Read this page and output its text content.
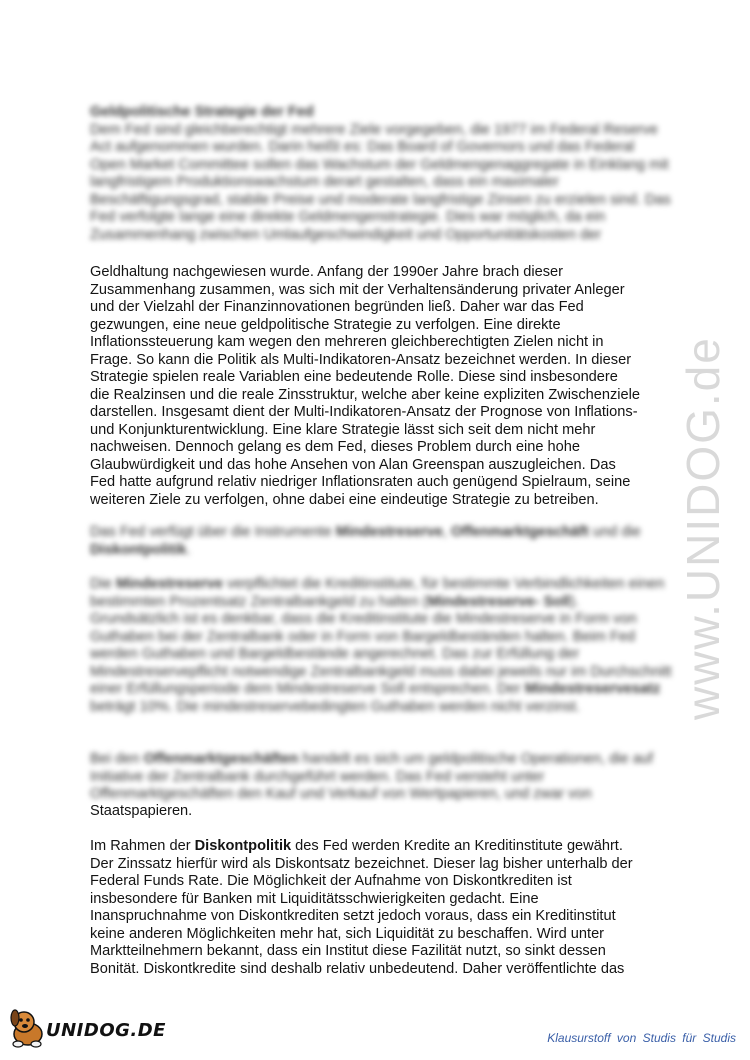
www.UNIDOG.de

Geldpolitische Strategie der Fed

Dem Fed sind gleichberechtigt mehrere Ziele vorgegeben, die 1977 im Federal Reserve Act aufgenommen wurden. Darin heißt es: Das Board of Governors und das Federal Open Market Committee sollen das Wachstum der Geldmengenaggregate in Einklang mit langfristigem Produktionswachstum derart gestalten, dass ein maximaler Beschäftigungsgrad, stabile Preise und moderate langfristige Zinsen zu erzielen sind. Das Fed verfolgte lange eine direkte Geldmengenstrategie. Dies war möglich, da ein Zusammenhang zwischen Umlaufgeschwindigkeit und Opportunitätskosten der

Geldhaltung nachgewiesen wurde. Anfang der 1990er Jahre brach dieser

Zusammenhang zusammen, was sich mit der Verhaltensänderung privater Anleger

und der Vielzahl der Finanzinnovationen begründen ließ. Daher war das Fed

gezwungen, eine neue geldpolitische Strategie zu verfolgen. Eine direkte

Inflationssteuerung kam wegen den mehreren gleichberechtigten Zielen nicht in

Frage. So kann die Politik als Multi-Indikatoren-Ansatz bezeichnet werden. In dieser

Strategie spielen reale Variablen eine bedeutende Rolle. Diese sind insbesondere

die Realzinsen und die reale Zinsstruktur, welche aber keine expliziten Zwischenziele

darstellen. Insgesamt dient der Multi-Indikatoren-Ansatz der Prognose von Inflations-

und Konjunkturentwicklung. Eine klare Strategie lässt sich seit dem nicht mehr

nachweisen. Dennoch gelang es dem Fed, dieses Problem durch eine hohe

Glaubwürdigkeit und das hohe Ansehen von Alan Greenspan auszugleichen. Das

Fed hatte aufgrund relativ niedriger Inflationsraten auch genügend Spielraum, seine

weiteren Ziele zu verfolgen, ohne dabei eine eindeutige Strategie zu betreiben.

Das Fed verfügt über die Instrumente Mindestreserve, Offenmarktgeschäft und die Diskontpolitik.

Die Mindestreserve verpflichtet die Kreditinstitute, für bestimmte Verbindlichkeiten einen bestimmten Prozentsatz Zentralbankgeld zu halten (Mindestreserve- Soll). Grundsätzlich ist es denkbar, dass die Kreditinstitute die Mindestreserve in Form von Guthaben bei der Zentralbank oder in Form von Bargeldbeständen halten. Beim Fed werden Guthaben und Bargeldbestände angerechnet. Das zur Erfüllung der Mindestreservepflicht notwendige Zentralbankgeld muss dabei jeweils nur im Durchschnitt einer Erfüllungsperiode dem Mindestreserve Soll entsprechen. Der Mindestreservesatz beträgt 10%. Die mindestreservebedingten Guthaben werden nicht verzinst.

Bei den Offenmarktgeschäften handelt es sich um geldpolitische Operationen, die auf Initiative der Zentralbank durchgeführt werden. Das Fed versteht unter Offenmarktgeschäften den Kauf und Verkauf von Wertpapieren, und zwar von

Staatspapieren.

Im Rahmen der Diskontpolitik des Fed werden Kredite an Kreditinstitute gewährt.

Der Zinssatz hierfür wird als Diskontsatz bezeichnet. Dieser lag bisher unterhalb der

Federal Funds Rate. Die Möglichkeit der Aufnahme von Diskontkrediten ist

insbesondere für Banken mit Liquiditätsschwierigkeiten gedacht. Eine

Inanspruchnahme von Diskontkrediten setzt jedoch voraus, dass ein Kreditinstitut

keine anderen Möglichkeiten mehr hat, sich Liquidität zu beschaffen. Wird unter

Marktteilnehmern bekannt, dass ein Institut diese Fazilität nutzt, so sinkt dessen

Bonität. Diskontkredite sind deshalb relativ unbedeutend. Daher veröffentlichte das

UNIDOG.DE	Klausurstoff von Studis für Studis
